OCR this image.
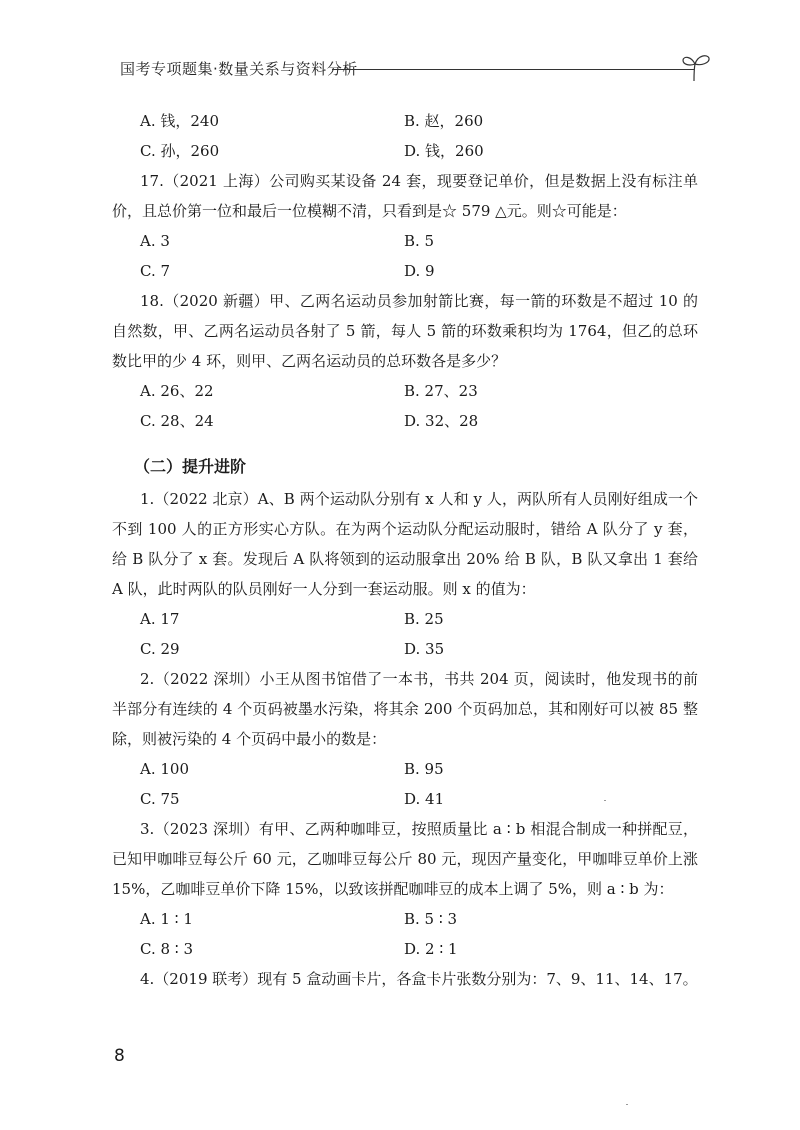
国考专项题集·数量关系与资料分析
A. 钱，240	B. 赵，260
C. 孙，260	D. 钱，260

17.（2021 上海）公司购买某设备 24 套，现要登记单价，但是数据上没有标注单价，且总价第一位和最后一位模糊不清，只看到是☆ 579 △元。则☆可能是：

A. 3	B. 5
C. 7	D. 9

18.（2020 新疆）甲、乙两名运动员参加射箭比赛，每一箭的环数是不超过 10 的自然数，甲、乙两名运动员各射了 5 箭，每人 5 箭的环数乘积均为 1764，但乙的总环数比甲的少 4 环，则甲、乙两名运动员的总环数各是多少？

A. 26、22	B. 27、23
C. 28、24	D. 32、28
（二）提升进阶

1.（2022 北京）A、B 两个运动队分别有 x 人和 y 人，两队所有人员刚好组成一个不到 100 人的正方形实心方队。在为两个运动队分配运动服时，错给 A 队分了 y 套，给 B 队分了 x 套。发现后 A 队将领到的运动服拿出 20% 给 B 队，B 队又拿出 1 套给 A 队，此时两队的队员刚好一人分到一套运动服。则 x 的值为：

A. 17	B. 25
C. 29	D. 35

2.（2022 深圳）小王从图书馆借了一本书，书共 204 页，阅读时，他发现书的前半部分有连续的 4 个页码被墨水污染，将其余 200 个页码加总，其和刚好可以被 85 整除，则被污染的 4 个页码中最小的数是：

A. 100	B. 95
C. 75	D. 41

3.（2023 深圳）有甲、乙两种咖啡豆，按照质量比 a ∶ b 相混合制成一种拼配豆，已知甲咖啡豆每公斤 60 元，乙咖啡豆每公斤 80 元，现因产量变化，甲咖啡豆单价上涨 15%，乙咖啡豆单价下降 15%，以致该拼配咖啡豆的成本上调了 5%，则 a ∶ b 为：

A. 1 ∶ 1	B. 5 ∶ 3
C. 8 ∶ 3	D. 2 ∶ 1

4.（2019 联考）现有 5 盒动画卡片，各盒卡片张数分别为：7、9、11、14、17。

8
